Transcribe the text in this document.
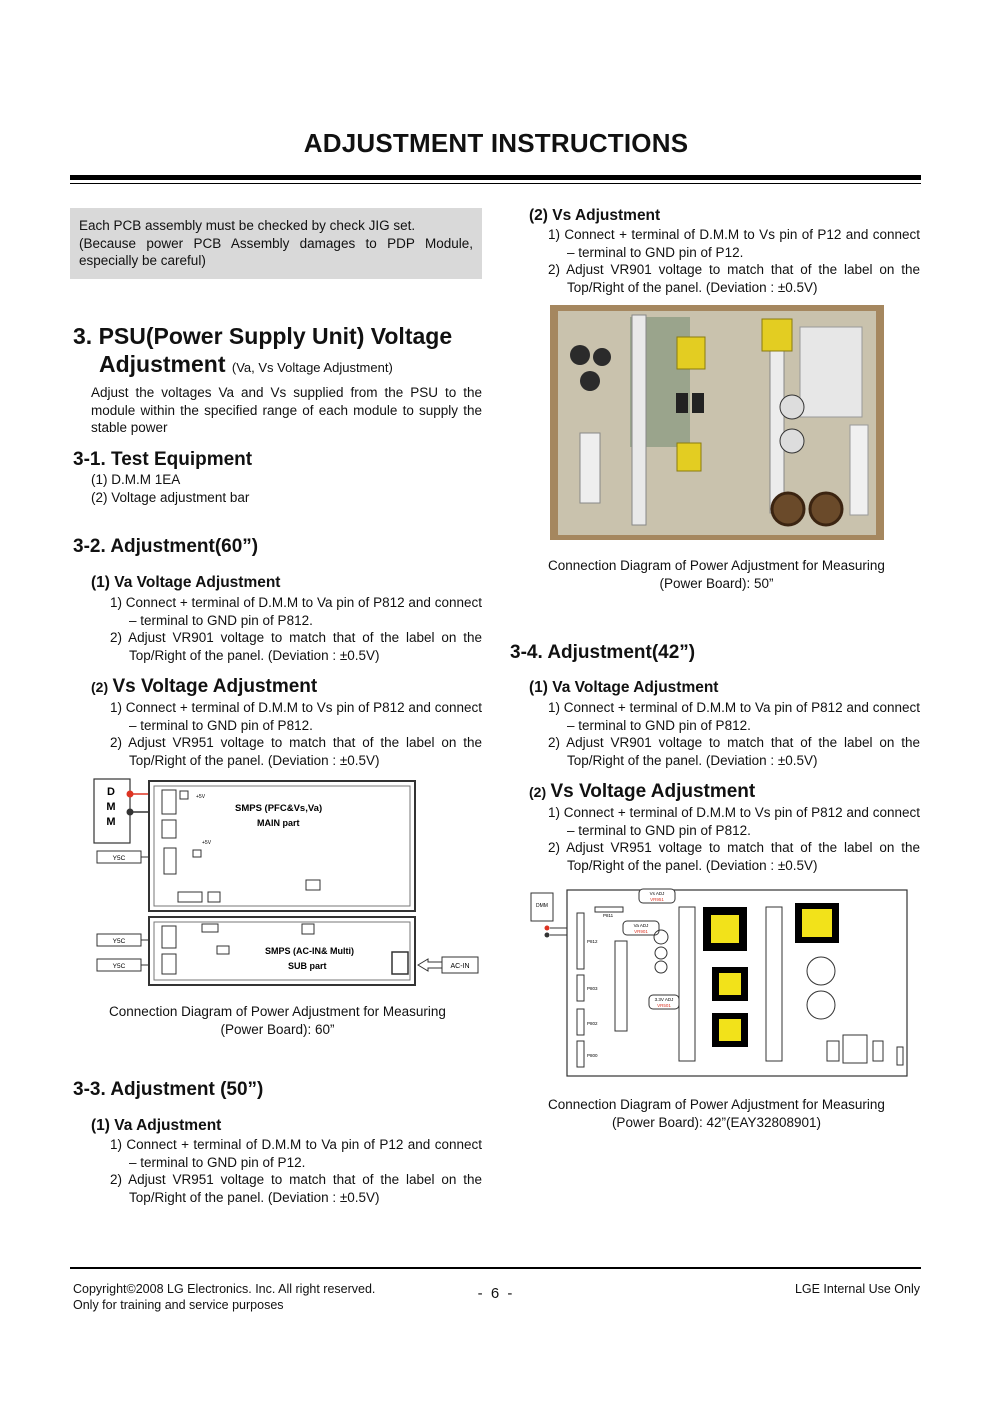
ADJUSTMENT INSTRUCTIONS

Each PCB assembly must be checked by check JIG set.

(Because power PCB Assembly damages to PDP Module, especially be careful)

3. PSU(Power Supply Unit) Voltage
Adjustment (Va, Vs Voltage Adjustment)
Adjust the voltages Va and Vs supplied from the PSU to the module within the specified range of each module to supply the stable power
3-1. Test Equipment
(1) D.M.M 1EA
(2) Voltage adjustment bar
3-2. Adjustment(60”)
(1) Va Voltage Adjustment
1) Connect + terminal of D.M.M to Va pin of P812 and connect – terminal to GND pin of P812.
2) Adjust VR901 voltage to match that of the label on the Top/Right of the panel. (Deviation : ±0.5V)
(2) Vs Voltage Adjustment
1) Connect + terminal of D.M.M to Vs pin of P812 and connect – terminal to GND pin of P812.
2) Adjust VR951 voltage to match that of the label on the Top/Right of the panel. (Deviation : ±0.5V)
D
M
M
+5V
SMPS (PFC&Vs,Va)
MAIN part
+5V
Y5C
SMPS (AC-IN& Multi)
SUB part
Y5C
Y5C	AC-IN
Connection Diagram of Power Adjustment for Measuring
(Power Board): 60”
3-3. Adjustment (50”)
(1) Va Adjustment
1) Connect + terminal of D.M.M to Va pin of P12 and connect – terminal to GND pin of P12.
2) Adjust VR951 voltage to match that of the label on the Top/Right of the panel. (Deviation : ±0.5V)
(2) Vs Adjustment
1) Connect + terminal of D.M.M to Vs pin of P12 and connect – terminal to GND pin of P12.
2) Adjust VR901 voltage to match that of the label on the Top/Right of the panel. (Deviation : ±0.5V)
Connection Diagram of Power Adjustment for Measuring
(Power Board): 50”
3-4. Adjustment(42”)
(1) Va Voltage Adjustment
1) Connect + terminal of D.M.M to Va pin of P812 and connect – terminal to GND pin of P812.
2) Adjust VR901 voltage to match that of the label on the Top/Right of the panel. (Deviation : ±0.5V)
(2) Vs Voltage Adjustment
1) Connect + terminal of D.M.M to Vs pin of P812 and connect – terminal to GND pin of P812.
2) Adjust VR951 voltage to match that of the label on the Top/Right of the panel. (Deviation : ±0.5V)
DMM
P811
P812
P803
P802
P800
Vs ADJ
VR951
Va ADJ
VR901
3.3V ADJ
VR501
Connection Diagram of Power Adjustment for Measuring
(Power Board): 42”(EAY32808901)
Copyright©2008 LG Electronics. Inc. All right reserved.
Only for training and service purposes
- 6 -	LGE Internal Use Only
